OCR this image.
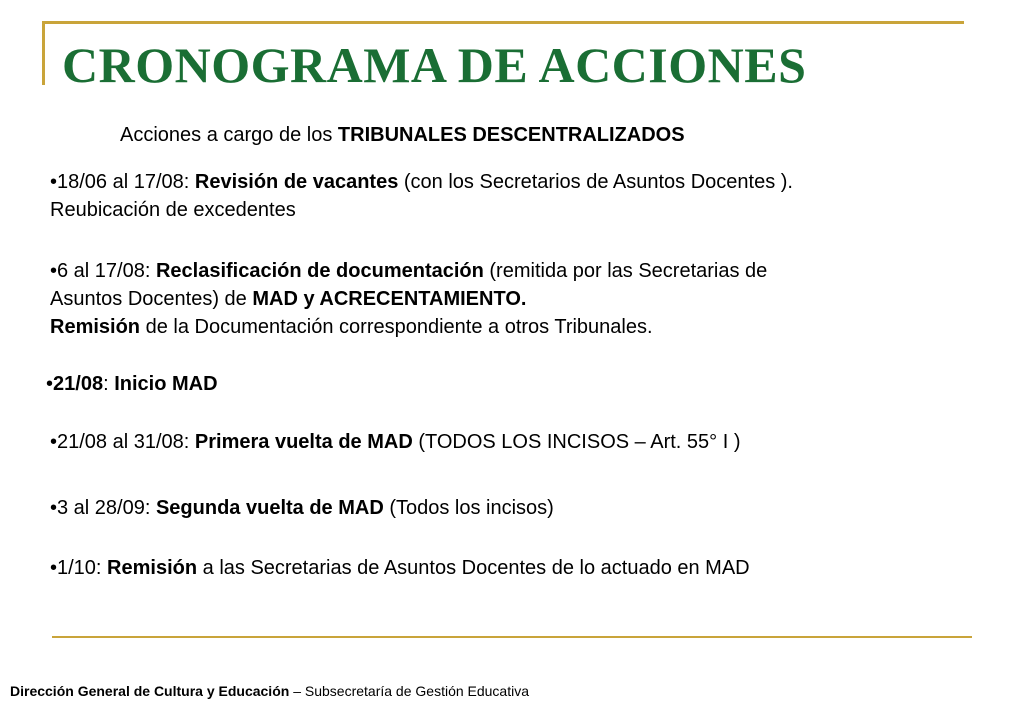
CRONOGRAMA DE ACCIONES
Acciones a cargo de los TRIBUNALES DESCENTRALIZADOS
•18/06 al 17/08: Revisión de vacantes (con los Secretarios de Asuntos Docentes ).
Reubicación de excedentes
•6 al 17/08: Reclasificación de documentación (remitida por las Secretarias de
Asuntos Docentes) de MAD y ACRECENTAMIENTO.
Remisión de la Documentación correspondiente a otros Tribunales.
•21/08: Inicio MAD
•21/08 al 31/08: Primera vuelta de MAD (TODOS LOS INCISOS – Art. 55° I )
•3 al 28/09: Segunda vuelta de MAD (Todos los incisos)
•1/10: Remisión a las Secretarias de Asuntos Docentes de lo actuado en MAD
Dirección General de Cultura y Educación – Subsecretaría de Gestión Educativa
